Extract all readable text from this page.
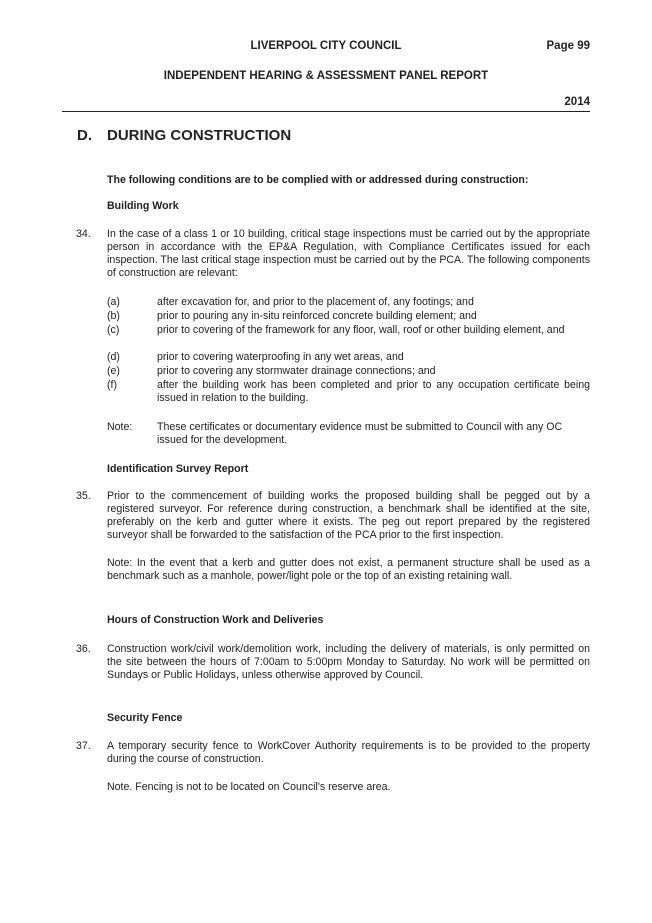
LIVERPOOL CITY COUNCIL	Page 99
INDEPENDENT HEARING & ASSESSMENT PANEL REPORT
2014
D. DURING CONSTRUCTION
The following conditions are to be complied with or addressed during construction:
Building Work
34. In the case of a class 1 or 10 building, critical stage inspections must be carried out by the appropriate person in accordance with the EP&A Regulation, with Compliance Certificates issued for each inspection. The last critical stage inspection must be carried out by the PCA. The following components of construction are relevant:
(a)	after excavation for, and prior to the placement of, any footings; and
(b)	prior to pouring any in-situ reinforced concrete building element; and
(c)	prior to covering of the framework for any floor, wall, roof or other building element, and
(d)	prior to covering waterproofing in any wet areas, and
(e)	prior to covering any stormwater drainage connections; and
(f)	after the building work has been completed and prior to any occupation certificate being issued in relation to the building.
Note: These certificates or documentary evidence must be submitted to Council with any OC issued for the development.
Identification Survey Report
35. Prior to the commencement of building works the proposed building shall be pegged out by a registered surveyor. For reference during construction, a benchmark shall be identified at the site, preferably on the kerb and gutter where it exists. The peg out report prepared by the registered surveyor shall be forwarded to the satisfaction of the PCA prior to the first inspection.
Note: In the event that a kerb and gutter does not exist, a permanent structure shall be used as a benchmark such as a manhole, power/light pole or the top of an existing retaining wall.
Hours of Construction Work and Deliveries
36. Construction work/civil work/demolition work, including the delivery of materials, is only permitted on the site between the hours of 7:00am to 5:00pm Monday to Saturday. No work will be permitted on Sundays or Public Holidays, unless otherwise approved by Council.
Security Fence
37. A temporary security fence to WorkCover Authority requirements is to be provided to the property during the course of construction.
Note. Fencing is not to be located on Council's reserve area.
